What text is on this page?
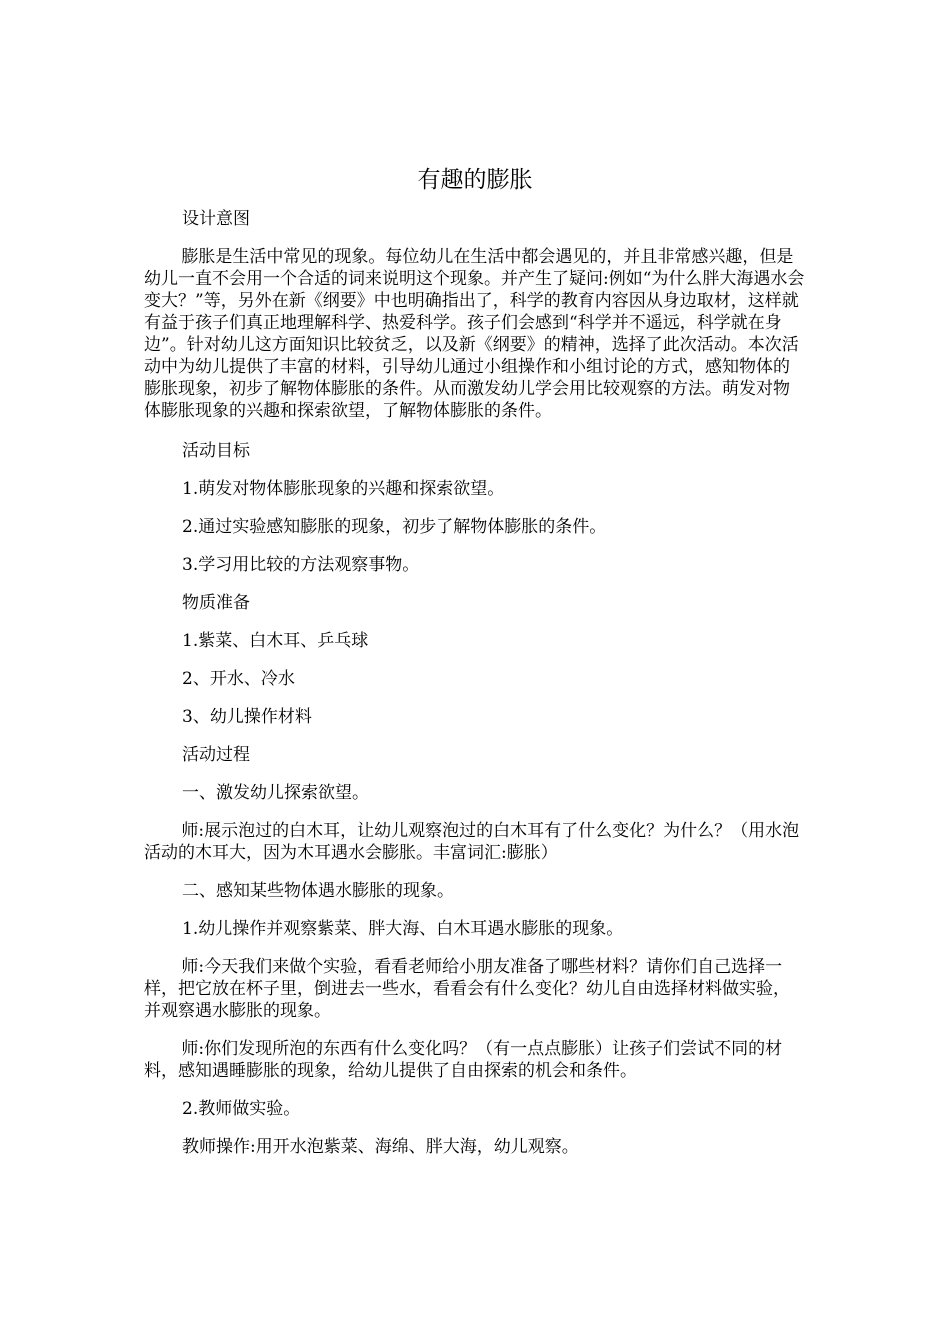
有趣的膨胀

设计意图

膨胀是生活中常见的现象。每位幼儿在生活中都会遇见的，并且非常感兴趣，但是幼儿一直不会用一个合适的词来说明这个现象。并产生了疑问:例如“为什么胖大海遇水会变大？”等，另外在新《纲要》中也明确指出了，科学的教育内容因从身边取材，这样就有益于孩子们真正地理解科学、热爱科学。孩子们会感到“科学并不遥远，科学就在身边”。针对幼儿这方面知识比较贫乏，以及新《纲要》的精神，选择了此次活动。本次活动中为幼儿提供了丰富的材料，引导幼儿通过小组操作和小组讨论的方式，感知物体的膨胀现象，初步了解物体膨胀的条件。从而激发幼儿学会用比较观察的方法。萌发对物体膨胀现象的兴趣和探索欲望，了解物体膨胀的条件。

活动目标

1.萌发对物体膨胀现象的兴趣和探索欲望。

2.通过实验感知膨胀的现象，初步了解物体膨胀的条件。

3.学习用比较的方法观察事物。

物质准备

1.紫菜、白木耳、乒乓球

2、开水、冷水

3、幼儿操作材料

活动过程

一、激发幼儿探索欲望。

师:展示泡过的白木耳，让幼儿观察泡过的白木耳有了什么变化？为什么？（用水泡活动的木耳大，因为木耳遇水会膨胀。丰富词汇:膨胀）

二、感知某些物体遇水膨胀的现象。

1.幼儿操作并观察紫菜、胖大海、白木耳遇水膨胀的现象。

师:今天我们来做个实验，看看老师给小朋友准备了哪些材料？请你们自己选择一样，把它放在杯子里，倒进去一些水，看看会有什么变化？幼儿自由选择材料做实验，并观察遇水膨胀的现象。

师:你们发现所泡的东西有什么变化吗？（有一点点膨胀）让孩子们尝试不同的材料，感知遇睡膨胀的现象，给幼儿提供了自由探索的机会和条件。

2.教师做实验。

教师操作:用开水泡紫菜、海绵、胖大海，幼儿观察。
